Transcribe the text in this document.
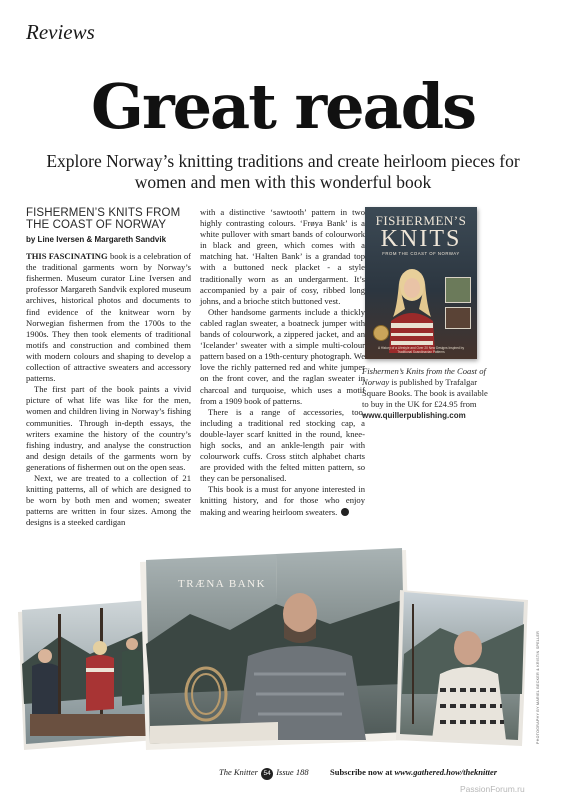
Reviews
Great reads
Explore Norway’s knitting traditions and create heirloom pieces for women and men with this wonderful book
FISHERMEN’S KNITS FROM THE COAST OF NORWAY
by Line Iversen & Margareth Sandvik

THIS FASCINATING book is a celebration of the traditional garments worn by Norway’s fishermen. Museum curator Line Iversen and professor Margareth Sandvik explored museum archives, historical photos and documents to find evidence of the knitwear worn by Norwegian fishermen from the 1700s to the 1900s. They then took elements of traditional motifs and construction and combined them with modern colours and shaping to develop a collection of attractive sweaters and accessory patterns.

The first part of the book paints a vivid picture of what life was like for the men, women and children living in Norway’s fishing communities. Through in-depth essays, the writers examine the history of the country’s fishing industry, and analyse the construction and design details of the garments worn by generations of fishermen out on the open seas.

Next, we are treated to a collection of 21 knitting patterns, all of which are designed to be worn by both men and women; sweater patterns are written in four sizes. Among the designs is a steeked cardigan

with a distinctive ‘sawtooth’ pattern in two highly contrasting colours. ‘Frøya Bank’ is a white pullover with smart bands of colourwork in black and green, which comes with a matching hat. ‘Halten Bank’ is a grandad top with a buttoned neck placket - a style traditionally worn as an undergarment. It’s accompanied by a pair of cosy, ribbed long johns, and a brioche stitch buttoned vest.

Other handsome garments include a thickly cabled raglan sweater, a boatneck jumper with bands of colourwork, a zippered jacket, and an ‘Icelander’ sweater with a simple multi-colour pattern based on a 19th-century photograph. We love the richly patterned red and white jumper on the front cover, and the raglan sweater in charcoal and turquoise, which uses a motif from a 1909 book of patterns.

There is a range of accessories, too, including a traditional red stocking cap, a double-layer scarf knitted in the round, knee-high socks, and an ankle-length pair with colourwork cuffs. Cross stitch alphabet charts are provided with the felted mitten pattern, so they can be personalised.

This book is a must for anyone interested in knitting history, and for those who enjoy making and wearing heirloom sweaters.

FISHERMEN’S
KNITS
FROM THE COAST OF NORWAY
A History of a Lifestyle and Over 20 New Designs Inspired by Traditional Scandinavian Patterns
Fishermen’s Knits from the Coast of Norway is published by Trafalgar Square Books. The book is available to buy in the UK for £24.95 from www.quillerpublishing.com
TRÆNA BANK
PHOTOGRAPHY BY MARIEL BECKER & KRISTIN SPELLER
The Knitter 54 Issue 188	Subscribe now at www.gathered.how/theknitter
PassionForum.ru
